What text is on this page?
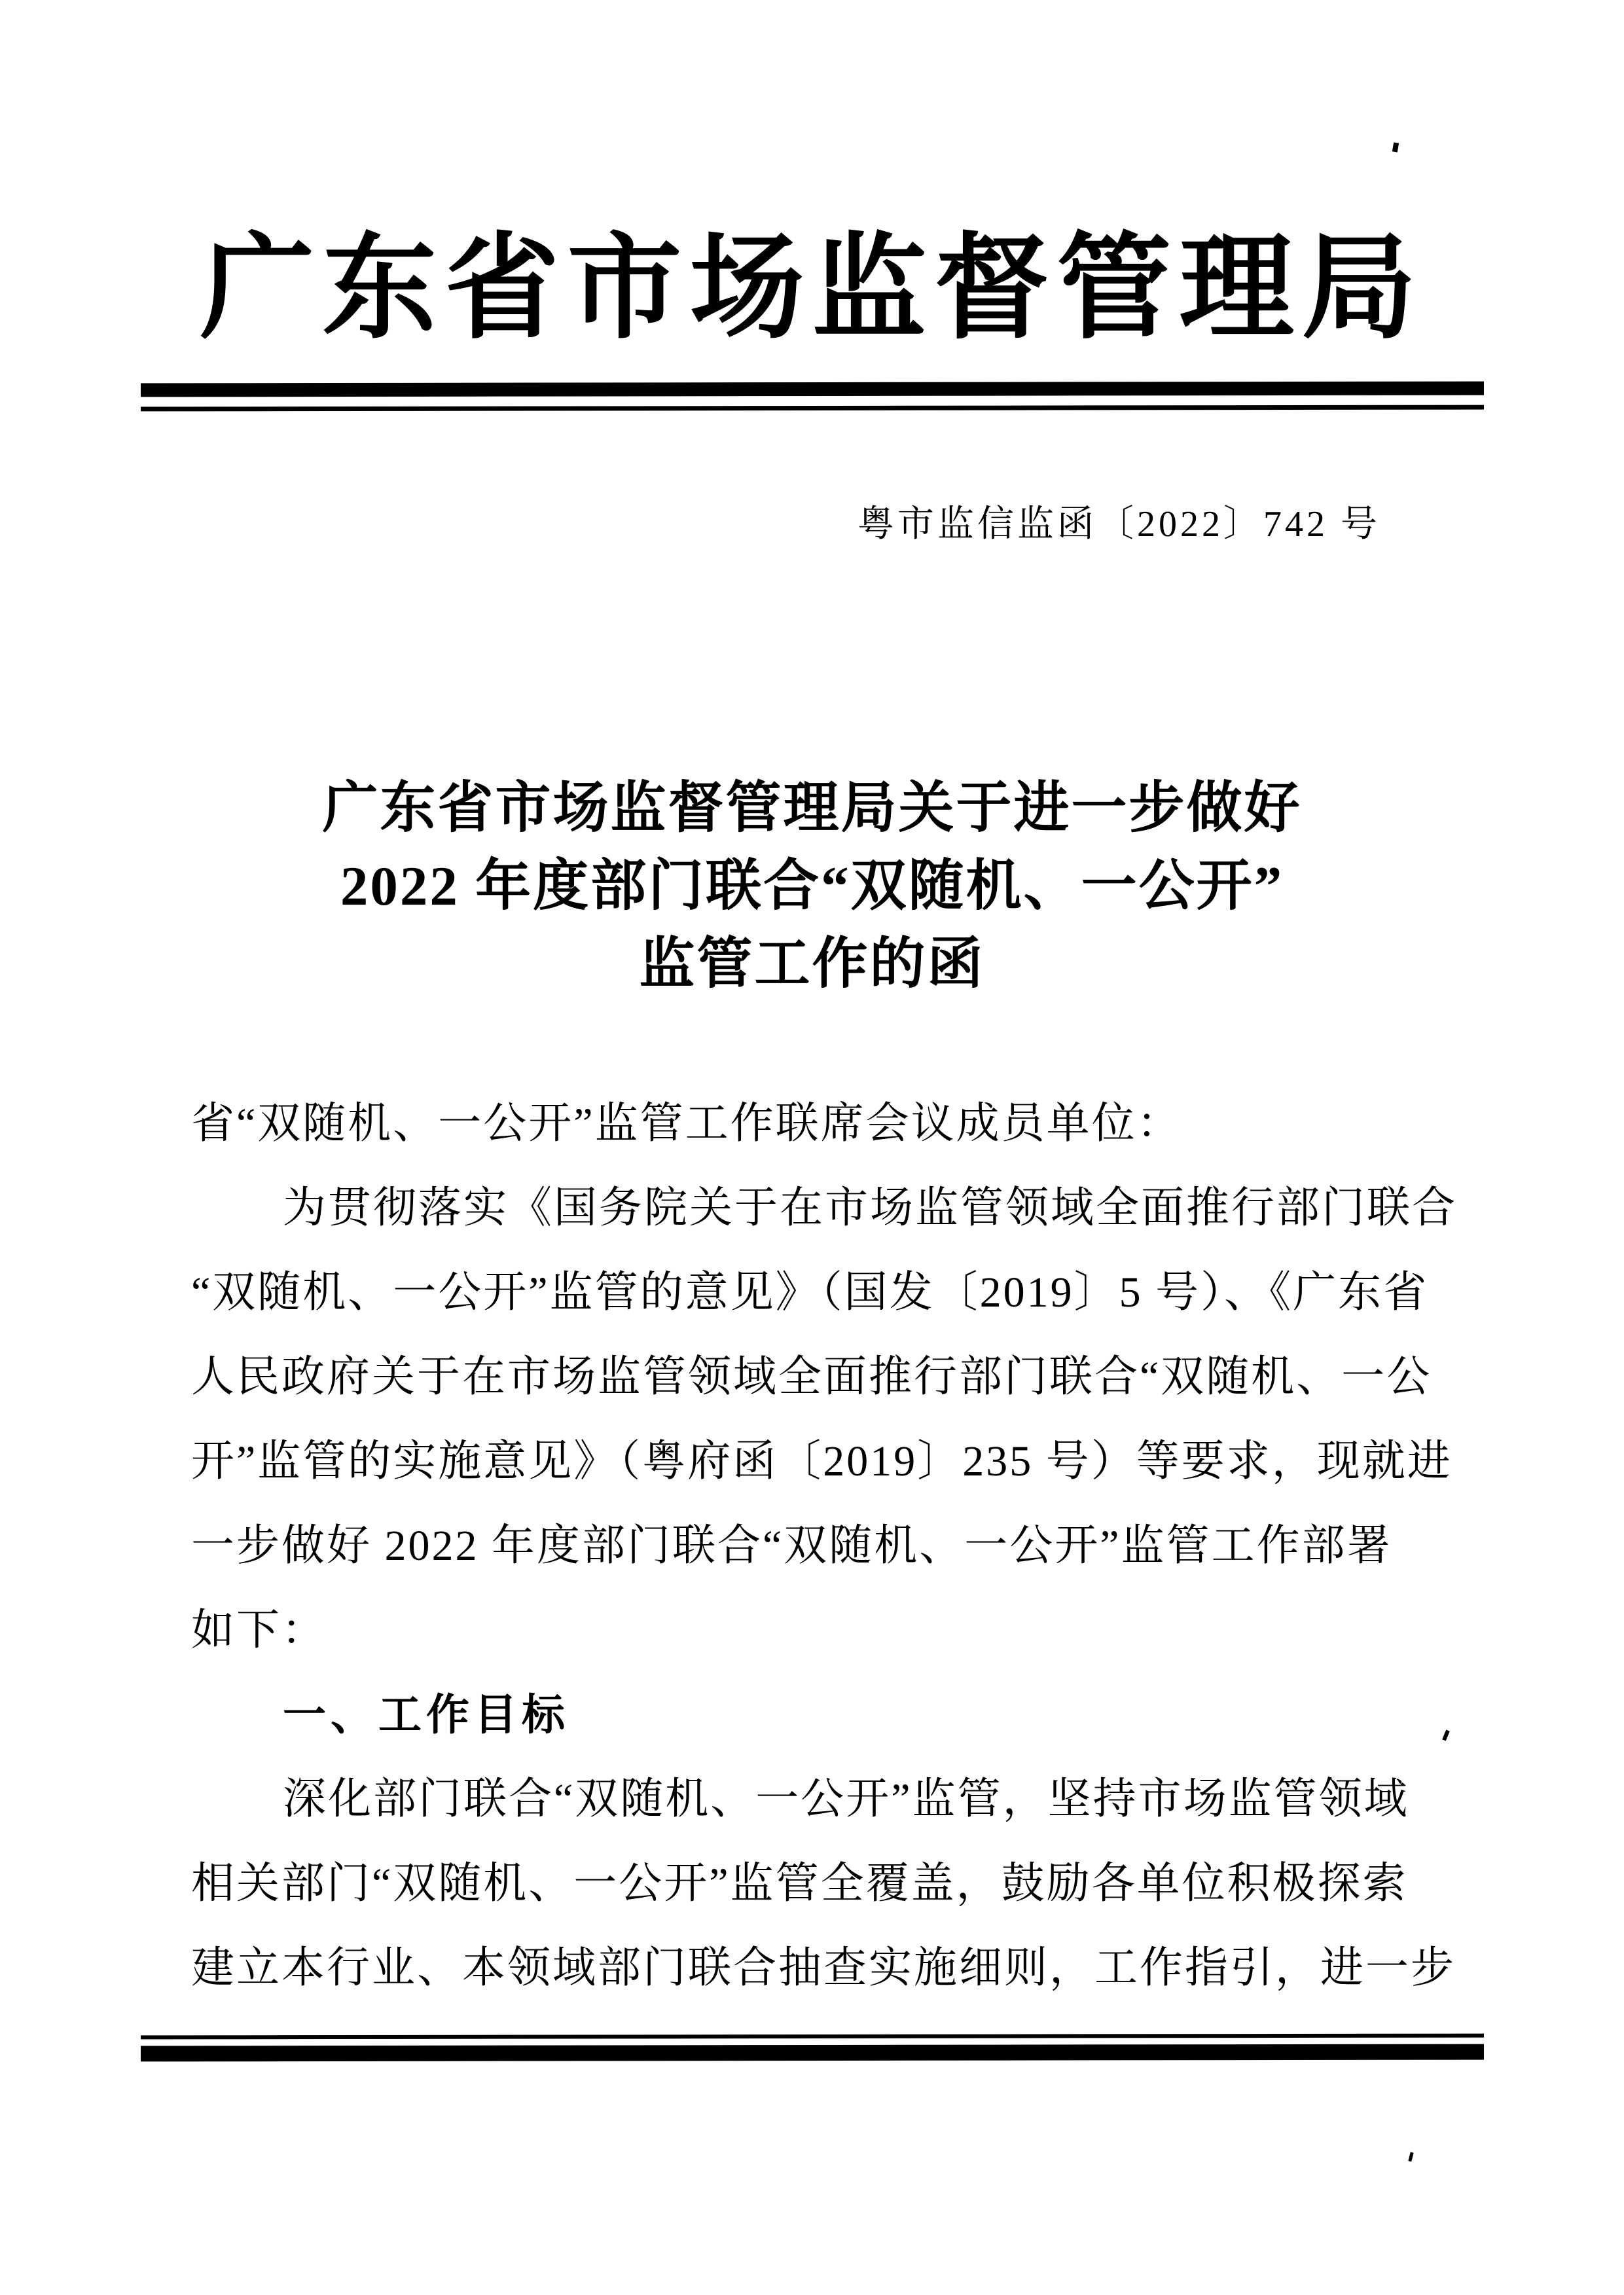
广东省市场监督管理局
粤市监信监函〔2022〕742 号
广东省市场监督管理局关于进一步做好
2022 年度部门联合“双随机、一公开”
监管工作的函
省“双随机、一公开”监管工作联席会议成员单位：
为贯彻落实《国务院关于在市场监管领域全面推行部门联合
“双随机、一公开”监管的意见》（国发〔2019〕5 号）、《广东省
人民政府关于在市场监管领域全面推行部门联合“双随机、一公
开”监管的实施意见》（粤府函〔2019〕235 号）等要求，现就进
一步做好 2022 年度部门联合“双随机、一公开”监管工作部署
如下：
一、工作目标
深化部门联合“双随机、一公开”监管，坚持市场监管领域
相关部门“双随机、一公开”监管全覆盖，鼓励各单位积极探索
建立本行业、本领域部门联合抽查实施细则，工作指引，进一步
